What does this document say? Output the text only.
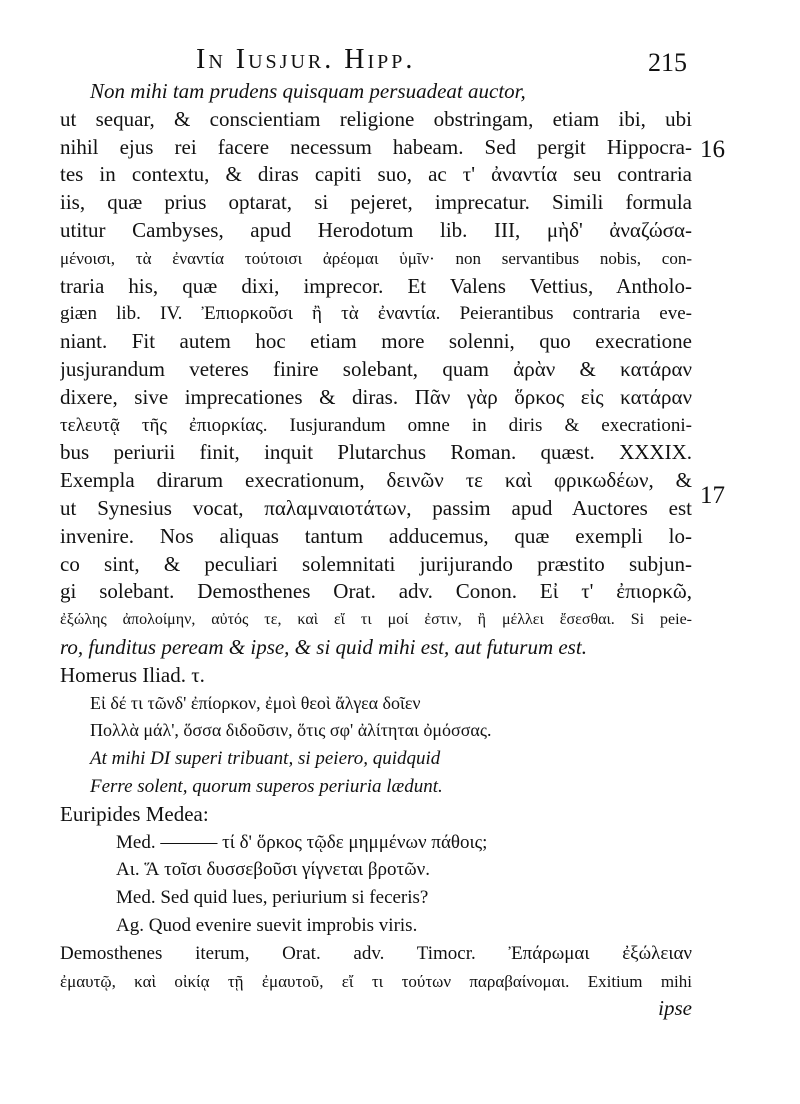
In Iusjur. Hipp.	215
16
17
Non mihi tam prudens quisquam persuadeat auctor,
ut sequar, & conscientiam religione obstringam, etiam ibi, ubi
nihil ejus rei facere necessum habeam. Sed pergit Hippocra-
tes in contextu, & diras capiti suo, ac τ' ἀναντία seu contraria
iis, quæ prius optarat, si pejeret, imprecatur. Simili formula
utitur Cambyses, apud Herodotum lib. III, μὴδ' ἀναζώσα-
μένοισι, τὰ ἐναντία τούτοισι ἀρέομαι ὑμῖν· non servantibus nobis, con-
traria his, quæ dixi, imprecor. Et Valens Vettius, Antholo-
giæn lib. IV. Ἐπιορκοῦσι ἢ τὰ ἐναντία. Peierantibus contraria eve-
niant. Fit autem hoc etiam more solenni, quo execratione
jusjurandum veteres finire solebant, quam ἀρὰν & κατάραν
dixere, sive imprecationes & diras. Πᾶν γὰρ ὅρκος εἰς κατάραν
τελευτᾷ τῆς ἐπιορκίας. Iusjurandum omne in diris & execrationi-
bus periurii finit, inquit Plutarchus Roman. quæst. XXXIX.
Exempla dirarum execrationum, δεινῶν τε καὶ φρικωδέων, &
ut Synesius vocat, παλαμναιοτάτων, passim apud Auctores est
invenire. Nos aliquas tantum adducemus, quæ exempli lo-
co sint, & peculiari solemnitati jurijurando præstito subjun-
gi solebant. Demosthenes Orat. adv. Conon. Εἰ τ' ἐπιορκῶ,
ἐξώλης ἀπολοίμην, αὐτός τε, καὶ εἴ τι μοί ἐστιν, ἢ μέλλει ἔσεσθαι. Si peie-
ro, funditus peream & ipse, & si quid mihi est, aut futurum est.
Homerus Iliad. τ.
Εἰ δέ τι τῶνδ' ἐπίορκον, ἐμοὶ θεοὶ ἄλγεα δοῖεν
Πολλὰ μάλ', ὅσσα διδοῦσιν, ὅτις σφ' ἀλίτηται ὀμόσσας.
At mihi DI superi tribuant, si peiero, quidquid
Ferre solent, quorum superos periuria lædunt.
Euripides Medea:
Med. ——— τί δ' ὅρκος τῷδε μημμένων πάθοις;
Αι. Ἅ τοῖσι δυσσεβοῦσι γίγνεται βροτῶν.
Med. Sed quid lues, periurium si feceris?
Ag. Quod evenire suevit improbis viris.
Demosthenes iterum, Orat. adv. Timocr. Ἐπάρωμαι ἐξώλειαν
ἐμαυτῷ, καὶ οἰκίᾳ τῇ ἐμαυτοῦ, εἴ τι τούτων παραβαίνομαι. Exitium mihi
ipse
